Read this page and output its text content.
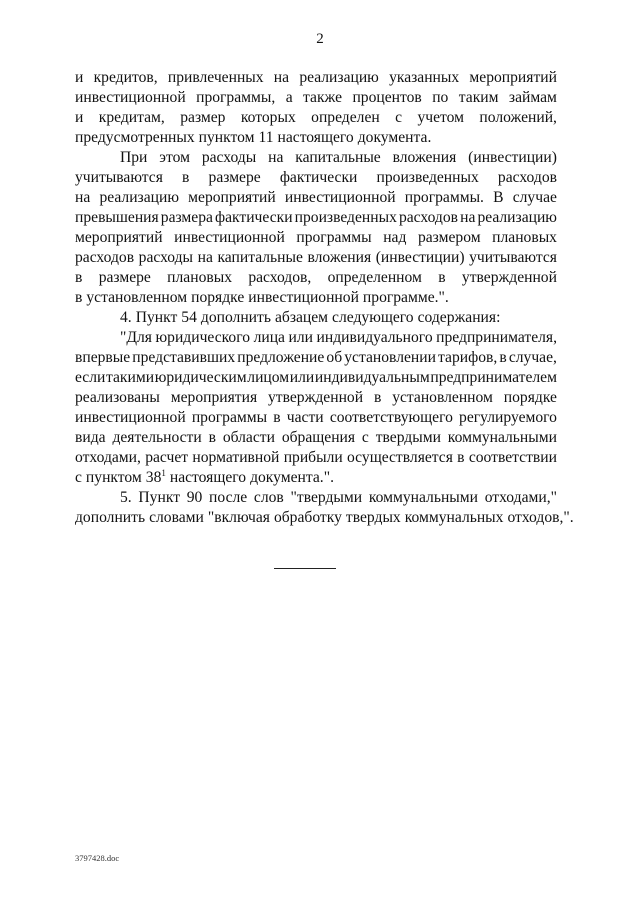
2
и кредитов, привлеченных на реализацию указанных мероприятий
инвестиционной программы, а также процентов по таким займам
и кредитам, размер которых определен с учетом положений,
предусмотренных пунктом 11 настоящего документа.
При этом расходы на капитальные вложения (инвестиции)
учитываются в размере фактически произведенных расходов
на реализацию мероприятий инвестиционной программы. В случае
превышения размера фактически произведенных расходов на реализацию
мероприятий инвестиционной программы над размером плановых
расходов расходы на капитальные вложения (инвестиции) учитываются
в размере плановых расходов, определенном в утвержденной
в установленном порядке инвестиционной программе.".
4. Пункт 54 дополнить абзацем следующего содержания:
"Для юридического лица или индивидуального предпринимателя,
впервые представивших предложение об установлении тарифов, в случае,
если такими юридическим лицом или индивидуальным предпринимателем
реализованы мероприятия утвержденной в установленном порядке
инвестиционной программы в части соответствующего регулируемого
вида деятельности в области обращения с твердыми коммунальными
отходами, расчет нормативной прибыли осуществляется в соответствии
с пунктом $38^1$ настоящего документа.".
5. Пункт 90 после слов "твердыми коммунальными отходами,"
дополнить словами "включая обработку твердых коммунальных отходов,".
3797428.doc
